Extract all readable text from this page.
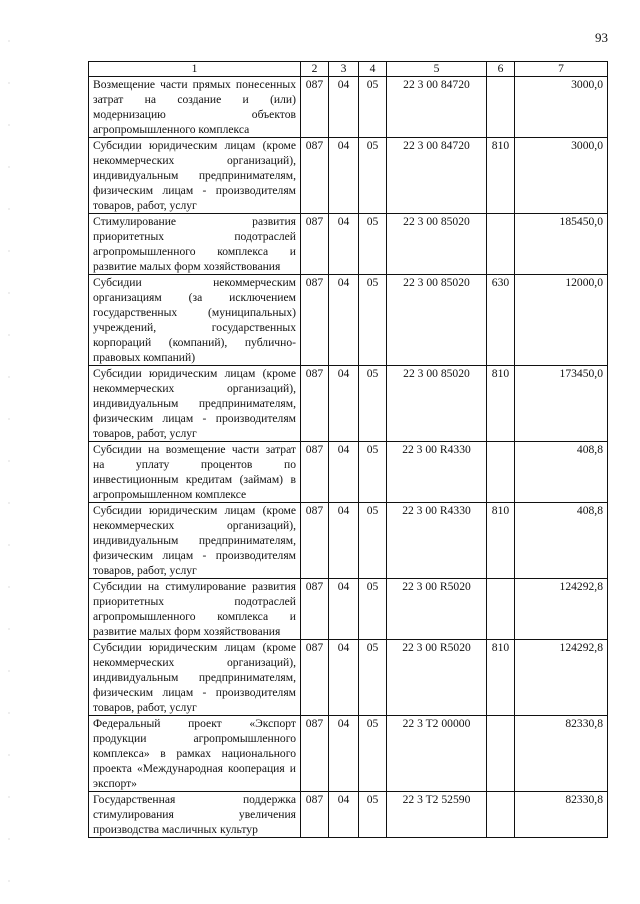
93
1	2	3	4	5	6	7
Возмещение части прямых понесенных затрат на создание и (или) модернизацию объектов агропромышленного комплекса	087	04	05	22 3 00 84720		3000,0
Субсидии юридическим лицам (кроме некоммерческих организаций), индивидуальным предпринимателям, физическим лицам - производителям товаров, работ, услуг	087	04	05	22 3 00 84720	810	3000,0
Стимулирование развития приоритетных подотраслей агропромышленного комплекса и развитие малых форм хозяйствования	087	04	05	22 3 00 85020		185450,0
Субсидии некоммерческим организациям (за исключением государственных (муниципальных) учреждений, государственных корпораций (компаний), публично-правовых компаний)	087	04	05	22 3 00 85020	630	12000,0
Субсидии юридическим лицам (кроме некоммерческих организаций), индивидуальным предпринимателям, физическим лицам - производителям товаров, работ, услуг	087	04	05	22 3 00 85020	810	173450,0
Субсидии на возмещение части затрат на уплату процентов по инвестиционным кредитам (займам) в агропромышленном комплексе	087	04	05	22 3 00 R4330		408,8
Субсидии юридическим лицам (кроме некоммерческих организаций), индивидуальным предпринимателям, физическим лицам - производителям товаров, работ, услуг	087	04	05	22 3 00 R4330	810	408,8
Субсидии на стимулирование развития приоритетных подотраслей агропромышленного комплекса и развитие малых форм хозяйствования	087	04	05	22 3 00 R5020		124292,8
Субсидии юридическим лицам (кроме некоммерческих организаций), индивидуальным предпринимателям, физическим лицам - производителям товаров, работ, услуг	087	04	05	22 3 00 R5020	810	124292,8
Федеральный проект «Экспорт продукции агропромышленного комплекса» в рамках национального проекта «Международная кооперация и экспорт»	087	04	05	22 3 T2 00000		82330,8
Государственная поддержка стимулирования увеличения производства масличных культур	087	04	05	22 3 T2 52590		82330,8
